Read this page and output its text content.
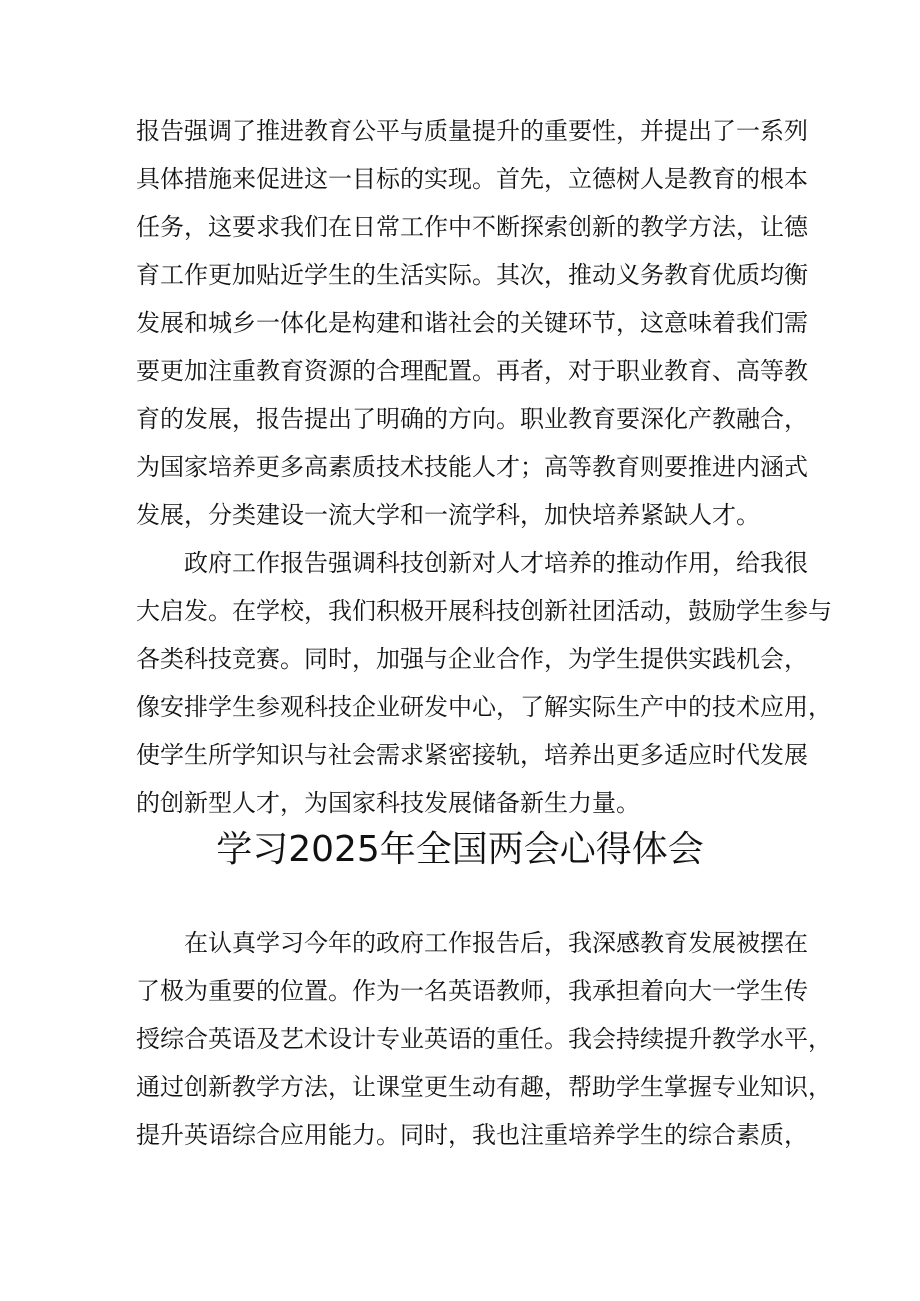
报告强调了推进教育公平与质量提升的重要性，并提出了一系列
具体措施来促进这一目标的实现。首先，立德树人是教育的根本
任务，这要求我们在日常工作中不断探索创新的教学方法，让德
育工作更加贴近学生的生活实际。其次，推动义务教育优质均衡
发展和城乡一体化是构建和谐社会的关键环节，这意味着我们需
要更加注重教育资源的合理配置。再者，对于职业教育、高等教
育的发展，报告提出了明确的方向。职业教育要深化产教融合，
为国家培养更多高素质技术技能人才；高等教育则要推进内涵式
发展，分类建设一流大学和一流学科，加快培养紧缺人才。
政府工作报告强调科技创新对人才培养的推动作用，给我很
大启发。在学校，我们积极开展科技创新社团活动，鼓励学生参与
各类科技竞赛。同时，加强与企业合作，为学生提供实践机会，
像安排学生参观科技企业研发中心，了解实际生产中的技术应用，
使学生所学知识与社会需求紧密接轨，培养出更多适应时代发展
的创新型人才，为国家科技发展储备新生力量。
学习2025年全国两会心得体会
在认真学习今年的政府工作报告后，我深感教育发展被摆在
了极为重要的位置。作为一名英语教师，我承担着向大一学生传
授综合英语及艺术设计专业英语的重任。我会持续提升教学水平，
通过创新教学方法，让课堂更生动有趣，帮助学生掌握专业知识，
提升英语综合应用能力。同时，我也注重培养学生的综合素质，
